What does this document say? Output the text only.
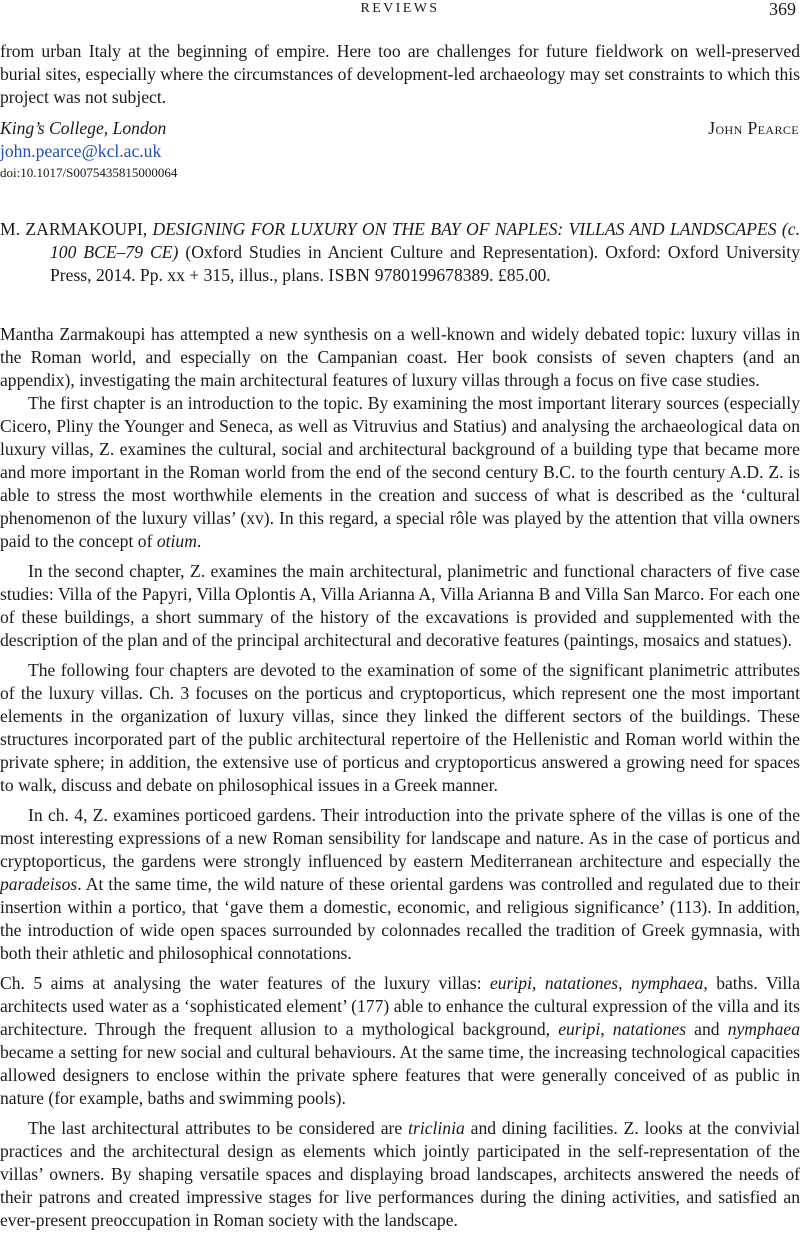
REVIEWS	369

from urban Italy at the beginning of empire. Here too are challenges for future fieldwork on well-preserved burial sites, especially where the circumstances of development-led archaeology may set constraints to which this project was not subject.

King’s College, London	John Pearce
john.pearce@kcl.ac.uk
doi:10.1017/S0075435815000064
M. ZARMAKOUPI, DESIGNING FOR LUXURY ON THE BAY OF NAPLES: VILLAS AND LANDSCAPES (c. 100 BCE–79 CE) (Oxford Studies in Ancient Culture and Representation). Oxford: Oxford University Press, 2014. Pp. xx + 315, illus., plans. ISBN 9780199678389. £85.00.

Mantha Zarmakoupi has attempted a new synthesis on a well-known and widely debated topic: luxury villas in the Roman world, and especially on the Campanian coast. Her book consists of seven chapters (and an appendix), investigating the main architectural features of luxury villas through a focus on five case studies.

The first chapter is an introduction to the topic. By examining the most important literary sources (especially Cicero, Pliny the Younger and Seneca, as well as Vitruvius and Statius) and analysing the archaeological data on luxury villas, Z. examines the cultural, social and architectural background of a building type that became more and more important in the Roman world from the end of the second century B.C. to the fourth century A.D. Z. is able to stress the most worthwhile elements in the creation and success of what is described as the ‘cultural phenomenon of the luxury villas’ (xv). In this regard, a special rôle was played by the attention that villa owners paid to the concept of otium.

In the second chapter, Z. examines the main architectural, planimetric and functional characters of five case studies: Villa of the Papyri, Villa Oplontis A, Villa Arianna A, Villa Arianna B and Villa San Marco. For each one of these buildings, a short summary of the history of the excavations is provided and supplemented with the description of the plan and of the principal architectural and decorative features (paintings, mosaics and statues).

The following four chapters are devoted to the examination of some of the significant planimetric attributes of the luxury villas. Ch. 3 focuses on the porticus and cryptoporticus, which represent one the most important elements in the organization of luxury villas, since they linked the different sectors of the buildings. These structures incorporated part of the public architectural repertoire of the Hellenistic and Roman world within the private sphere; in addition, the extensive use of porticus and cryptoporticus answered a growing need for spaces to walk, discuss and debate on philosophical issues in a Greek manner.

In ch. 4, Z. examines porticoed gardens. Their introduction into the private sphere of the villas is one of the most interesting expressions of a new Roman sensibility for landscape and nature. As in the case of porticus and cryptoporticus, the gardens were strongly influenced by eastern Mediterranean architecture and especially the paradeisos. At the same time, the wild nature of these oriental gardens was controlled and regulated due to their insertion within a portico, that ‘gave them a domestic, economic, and religious significance’ (113). In addition, the introduction of wide open spaces surrounded by colonnades recalled the tradition of Greek gymnasia, with both their athletic and philosophical connotations.

Ch. 5 aims at analysing the water features of the luxury villas: euripi, natationes, nymphaea, baths. Villa architects used water as a ‘sophisticated element’ (177) able to enhance the cultural expression of the villa and its architecture. Through the frequent allusion to a mythological background, euripi, natationes and nymphaea became a setting for new social and cultural behaviours. At the same time, the increasing technological capacities allowed designers to enclose within the private sphere features that were generally conceived of as public in nature (for example, baths and swimming pools).

The last architectural attributes to be considered are triclinia and dining facilities. Z. looks at the convivial practices and the architectural design as elements which jointly participated in the self-representation of the villas’ owners. By shaping versatile spaces and displaying broad landscapes, architects answered the needs of their patrons and created impressive stages for live performances during the dining activities, and satisfied an ever-present preoccupation in Roman society with the landscape.
